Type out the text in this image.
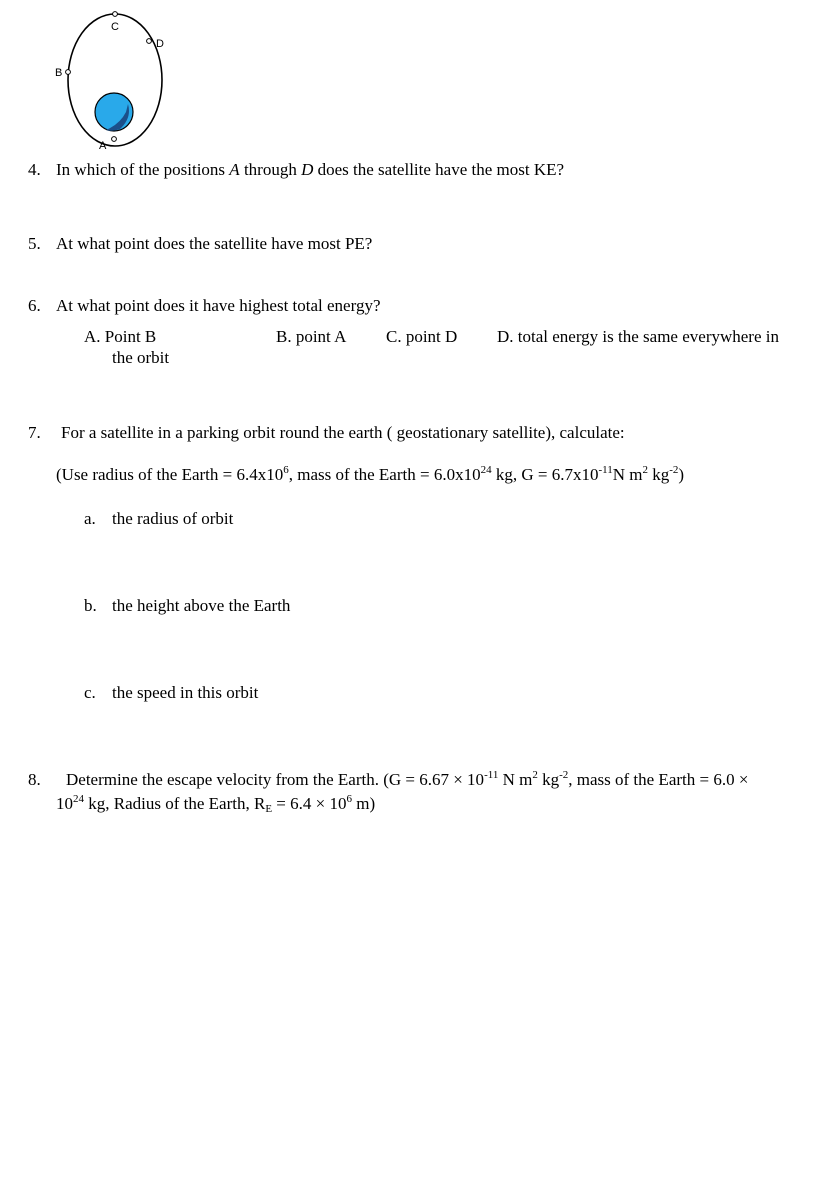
A
B
C
D
4. In which of the positions A through D does the satellite have the most KE?
5. At what point does the satellite have most PE?
6. At what point does it have highest total energy?
A. Point B	B. point A C. point D D. total energy is the same everywhere in
the orbit
7. For a satellite in a parking orbit round the earth ( geostationary satellite), calculate:
(Use radius of the Earth = $6.4x10^6$, mass of the Earth = $6.0x10^{24}$ kg, $G = 6.7x10^{-11}N$ $m^2$ $kg^{-2}$)
a. the radius of orbit
b. the height above the Earth
c. the speed in this orbit
8. Determine the escape velocity from the Earth. ($G = 6.67 \times 10^{-11}$ N $m^2$ $kg^{-2}$, mass of the Earth = 6.0 ×
$10^{24}$ kg, Radius of the Earth, $R_E = 6.4 \times 10^6$ m)
